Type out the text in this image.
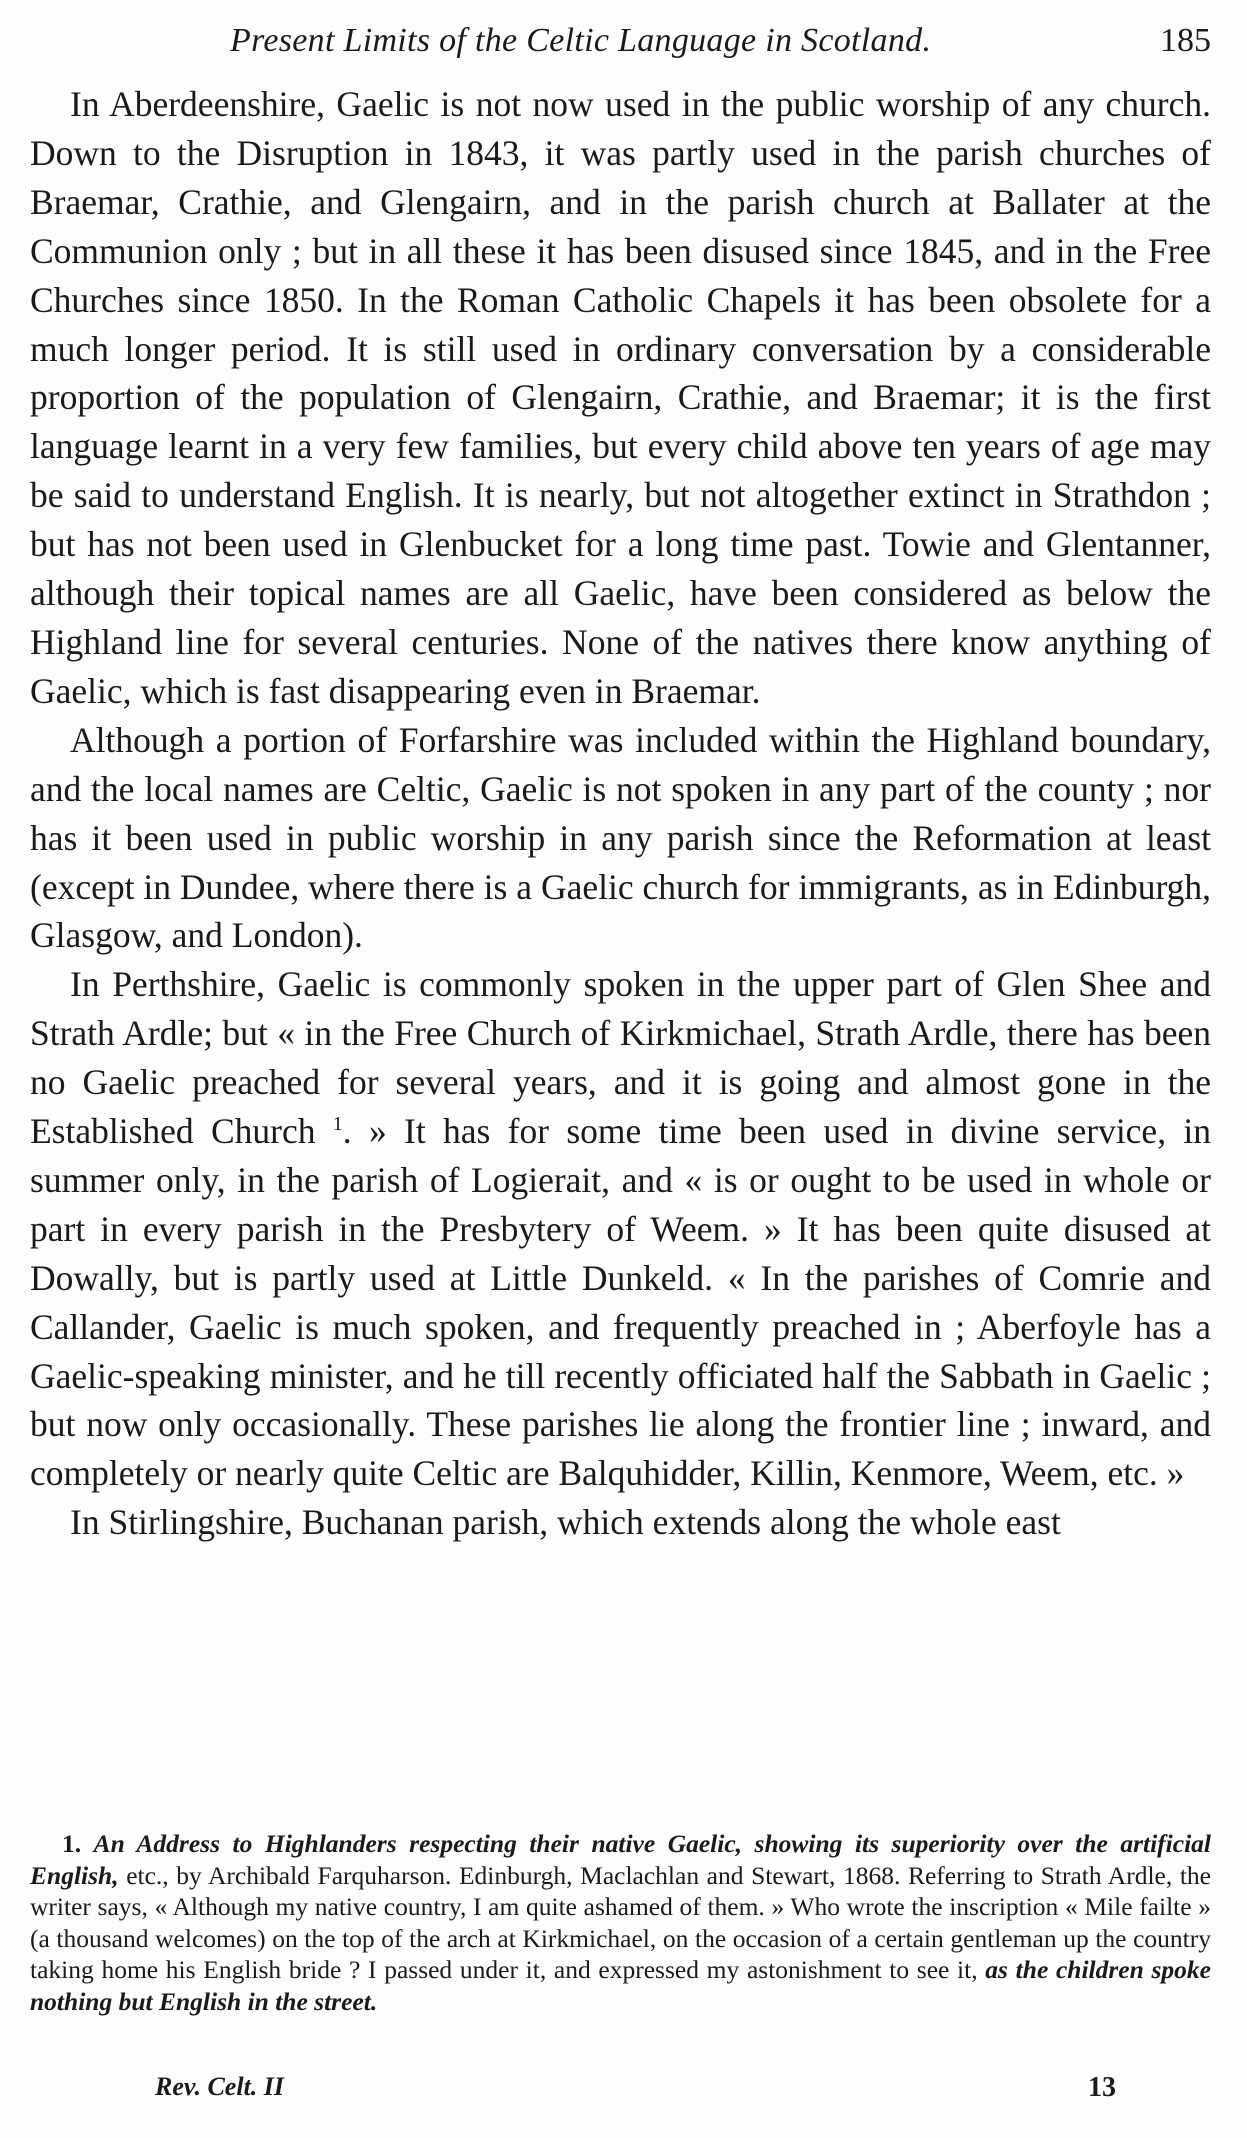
Present Limits of the Celtic Language in Scotland.	185

In Aberdeenshire, Gaelic is not now used in the public worship of any church. Down to the Disruption in 1843, it was partly used in the parish churches of Braemar, Crathie, and Glengairn, and in the parish church at Ballater at the Communion only ; but in all these it has been disused since 1845, and in the Free Churches since 1850. In the Roman Catholic Chapels it has been obsolete for a much longer period. It is still used in ordinary conversation by a considerable proportion of the population of Glengairn, Crathie, and Braemar; it is the first language learnt in a very few families, but every child above ten years of age may be said to understand English. It is nearly, but not altogether extinct in Strathdon ; but has not been used in Glenbucket for a long time past. Towie and Glentanner, although their topical names are all Gaelic, have been considered as below the Highland line for several centuries. None of the natives there know anything of Gaelic, which is fast disappearing even in Braemar.

Although a portion of Forfarshire was included within the Highland boundary, and the local names are Celtic, Gaelic is not spoken in any part of the county ; nor has it been used in public worship in any parish since the Reformation at least (except in Dundee, where there is a Gaelic church for immigrants, as in Edinburgh, Glasgow, and London).

In Perthshire, Gaelic is commonly spoken in the upper part of Glen Shee and Strath Ardle; but « in the Free Church of Kirkmichael, Strath Ardle, there has been no Gaelic preached for several years, and it is going and almost gone in the Established Church $^1$. » It has for some time been used in divine service, in summer only, in the parish of Logierait, and « is or ought to be used in whole or part in every parish in the Presbytery of Weem. » It has been quite disused at Dowally, but is partly used at Little Dunkeld. « In the parishes of Comrie and Callander, Gaelic is much spoken, and frequently preached in ; Aberfoyle has a Gaelic-speaking minister, and he till recently officiated half the Sabbath in Gaelic ; but now only occasionally. These parishes lie along the frontier line ; inward, and completely or nearly quite Celtic are Balquhidder, Killin, Kenmore, Weem, etc. »

In Stirlingshire, Buchanan parish, which extends along the whole east

1. An Address to Highlanders respecting their native Gaelic, showing its superiority over the artificial English, etc., by Archibald Farquharson. Edinburgh, Maclachlan and Stewart, 1868. Referring to Strath Ardle, the writer says, « Although my native country, I am quite ashamed of them. » Who wrote the inscription « Mile failte » (a thousand welcomes) on the top of the arch at Kirkmichael, on the occasion of a certain gentleman up the country taking home his English bride ? I passed under it, and expressed my astonishment to see it, as the children spoke nothing but English in the street.

Rev. Celt. II	13
